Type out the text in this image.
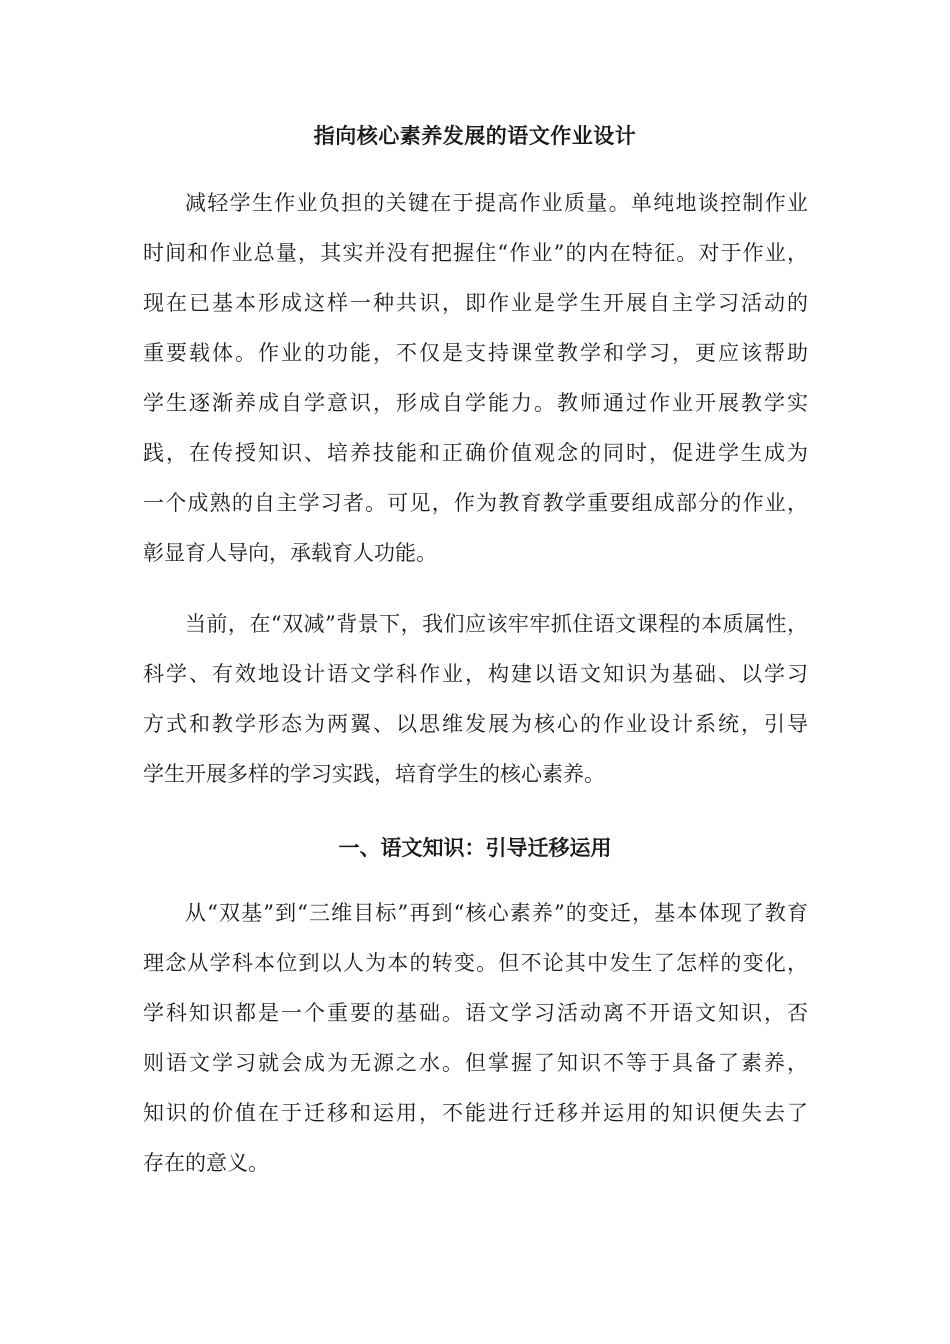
指向核心素养发展的语文作业设计
减轻学生作业负担的关键在于提高作业质量。单纯地谈控制作业
时间和作业总量，其实并没有把握住“作业”的内在特征。对于作业，
现在已基本形成这样一种共识，即作业是学生开展自主学习活动的
重要载体。作业的功能，不仅是支持课堂教学和学习，更应该帮助
学生逐渐养成自学意识，形成自学能力。教师通过作业开展教学实
践，在传授知识、培养技能和正确价值观念的同时，促进学生成为
一个成熟的自主学习者。可见，作为教育教学重要组成部分的作业，
彰显育人导向，承载育人功能。
当前，在“双减”背景下，我们应该牢牢抓住语文课程的本质属性，
科学、有效地设计语文学科作业，构建以语文知识为基础、以学习
方式和教学形态为两翼、以思维发展为核心的作业设计系统，引导
学生开展多样的学习实践，培育学生的核心素养。
一、语文知识：引导迁移运用
从“双基”到“三维目标”再到“核心素养”的变迁，基本体现了教育
理念从学科本位到以人为本的转变。但不论其中发生了怎样的变化，
学科知识都是一个重要的基础。语文学习活动离不开语文知识，否
则语文学习就会成为无源之水。但掌握了知识不等于具备了素养，
知识的价值在于迁移和运用，不能进行迁移并运用的知识便失去了
存在的意义。
